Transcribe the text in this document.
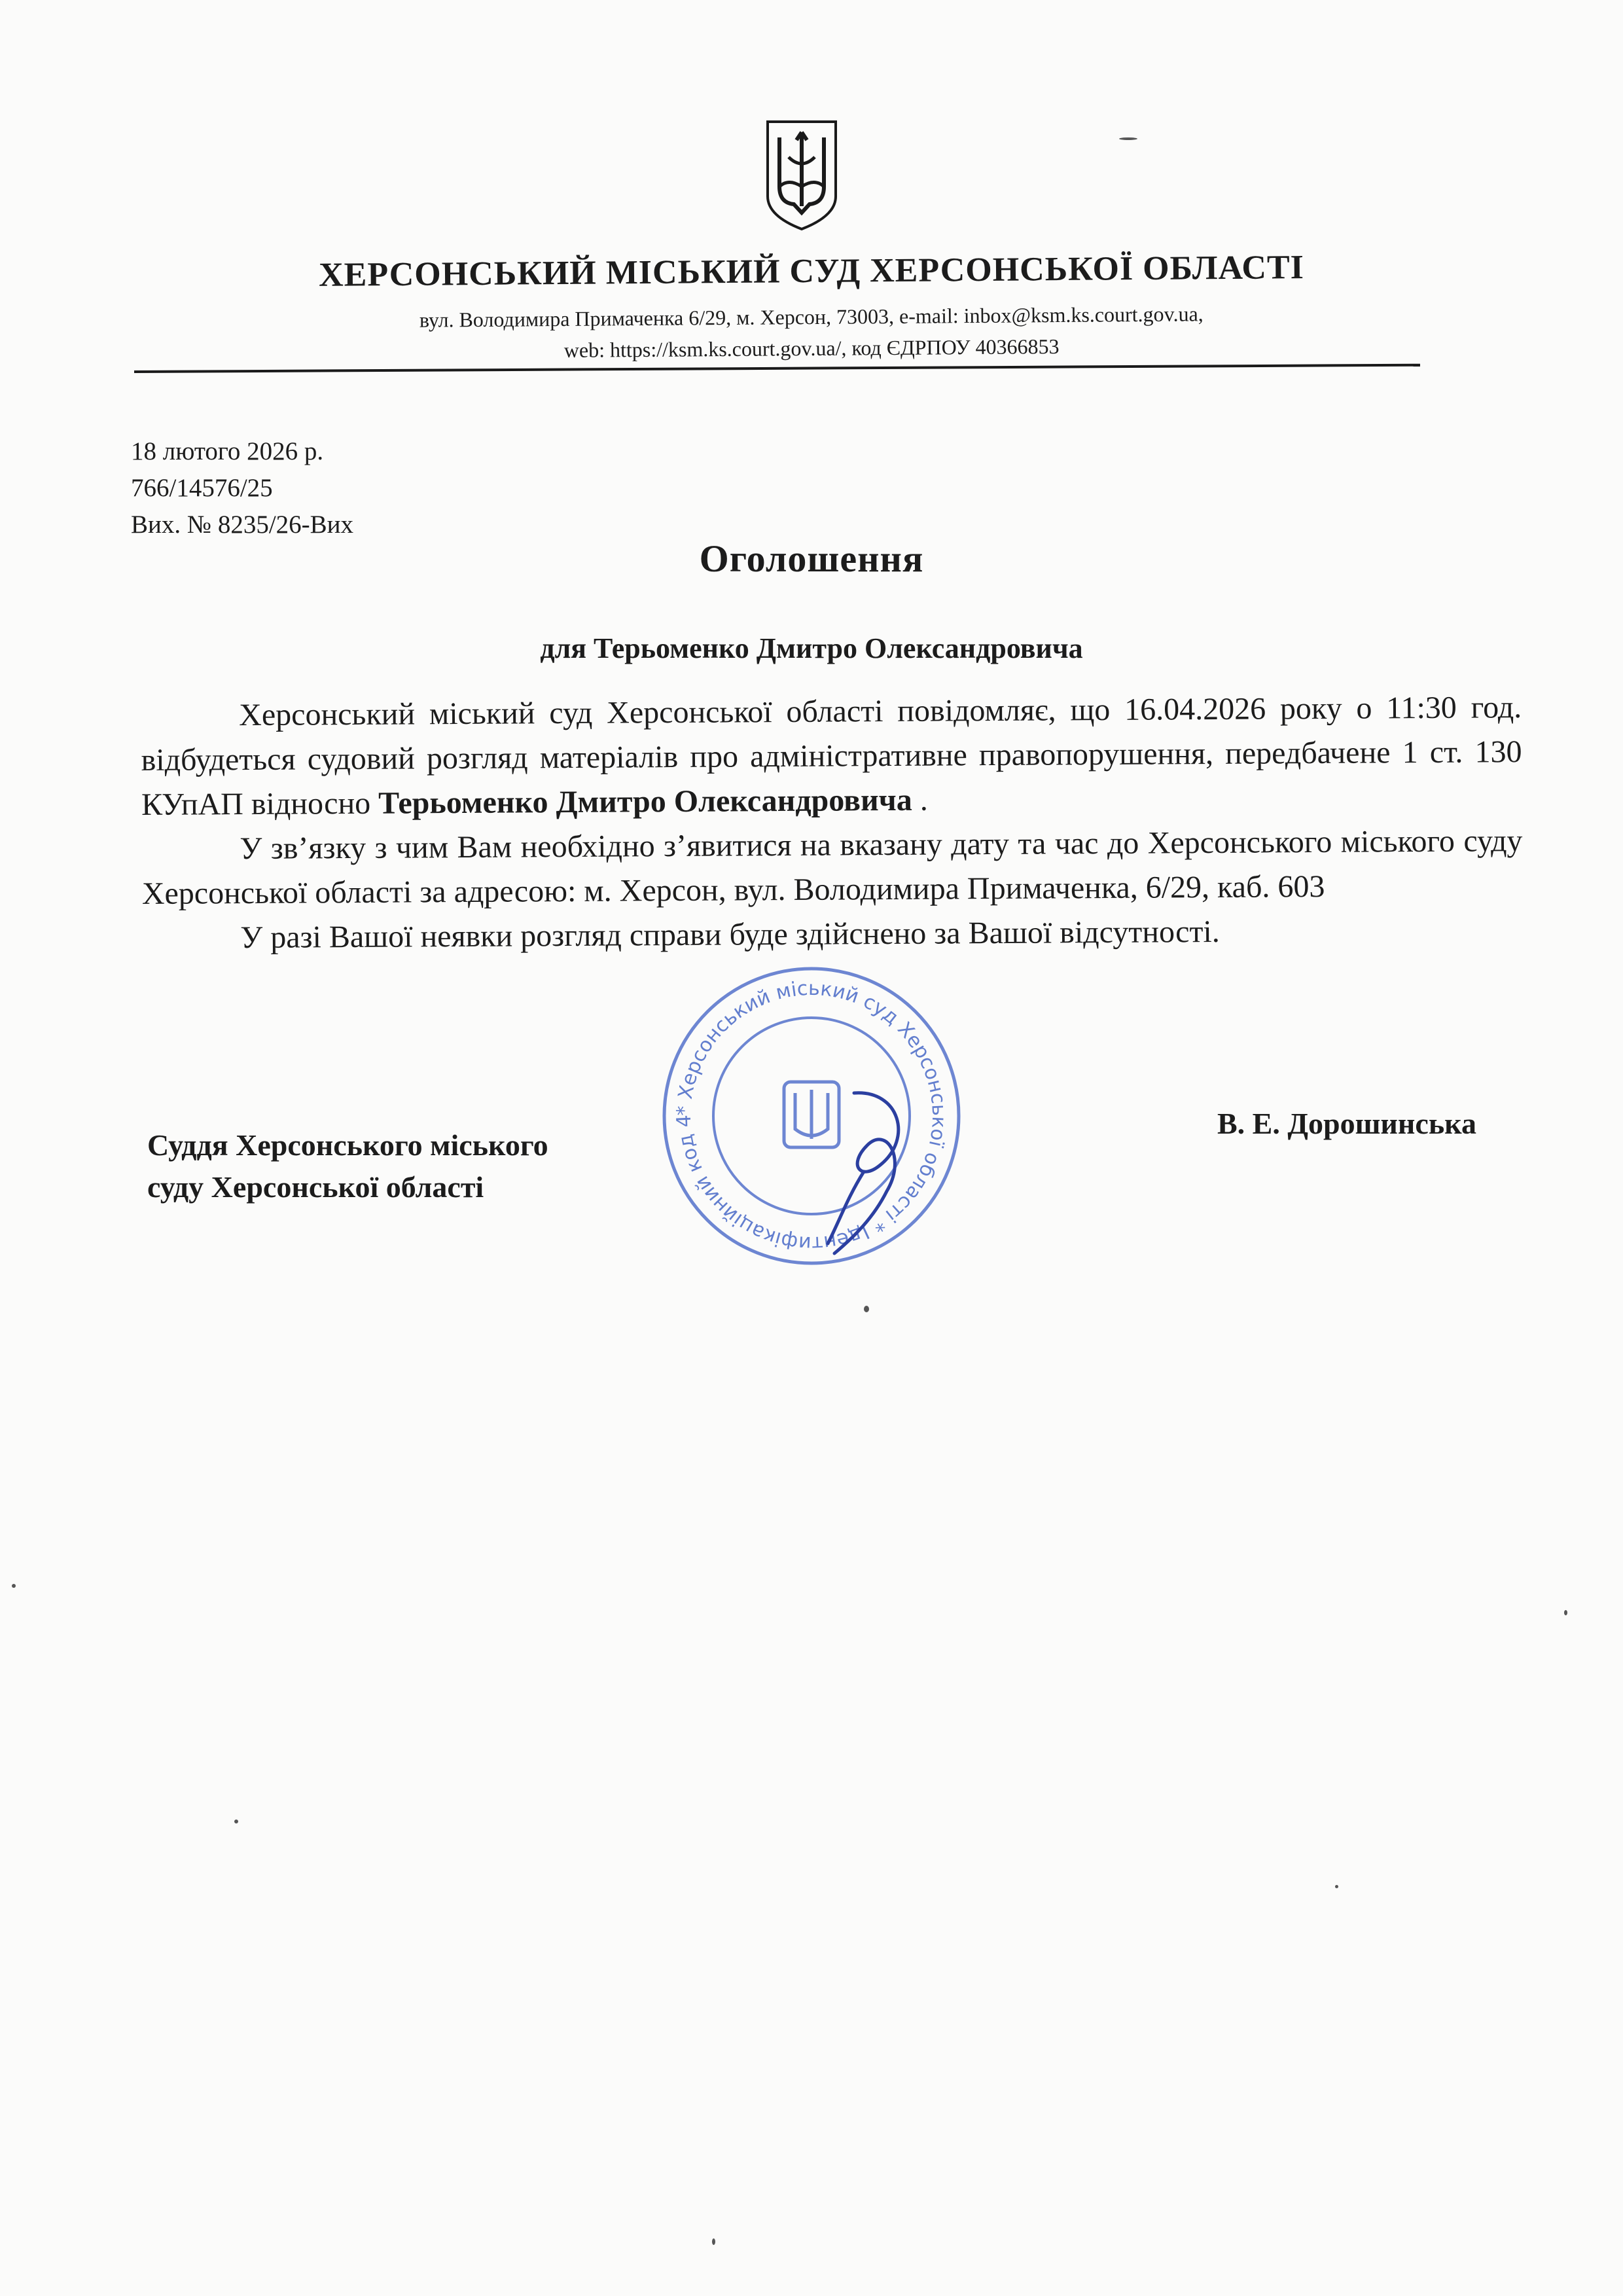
ХЕРСОНСЬКИЙ МІСЬКИЙ СУД ХЕРСОНСЬКОЇ ОБЛАСТІ
вул. Володимира Примаченка 6/29, м. Херсон, 73003, e-mail: inbox@ksm.ks.court.gov.ua,
web: https://ksm.ks.court.gov.ua/, код ЄДРПОУ 40366853
18 лютого 2026 р.
766/14576/25
Вих. № 8235/26-Вих
Оголошення
для Терьоменко Дмитро Олександровича

Херсонський міський суд Херсонської області повідомляє, що 16.04.2026 року о 11:30 год. відбудеться судовий розгляд матеріалів про адміністративне правопорушення, передбачене 1 ст. 130 КУпАП відносно Терьоменко Дмитро Олександровича .

У зв’язку з чим Вам необхідно з’явитися на вказану дату та час до Херсонського міського суду Херсонської області за адресою: м. Херсон, вул. Володимира Примаченка, 6/29, каб. 603

У разі Вашої неявки розгляд справи буде здійснено за Вашої відсутності.

Суддя Херсонського міського
суду Херсонської області
В. Е. Дорошинська
* Херсонський міський суд Херсонської області * Ідентифікаційний код 4
